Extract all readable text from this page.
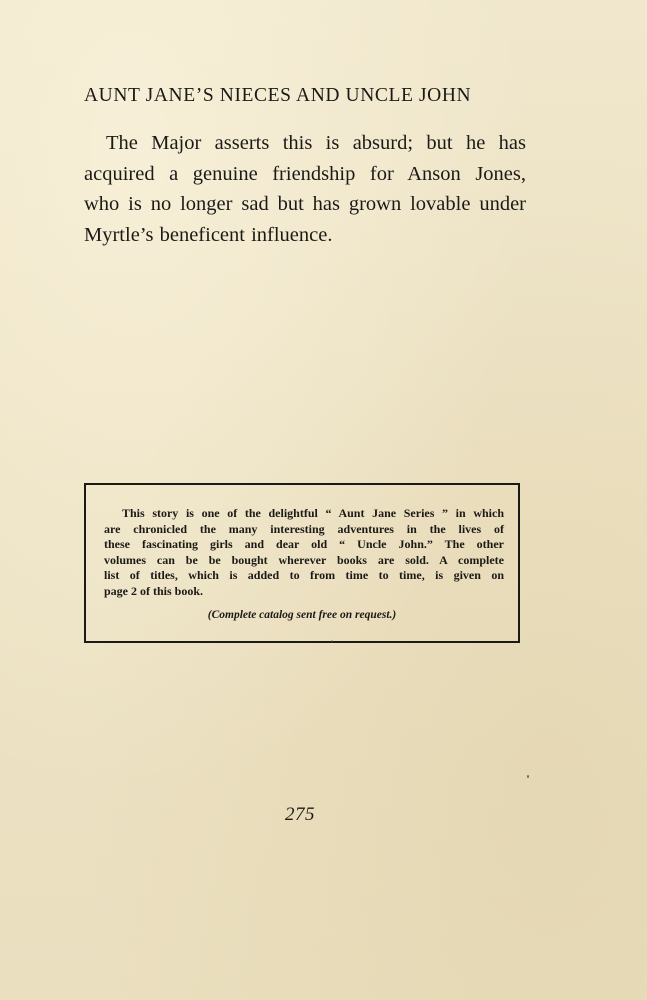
AUNT JANE’S NIECES AND UNCLE JOHN

The Major asserts this is absurd; but he has
acquired a genuine friendship for Anson Jones,
who is no longer sad but has grown lovable under
Myrtle’s beneficent influence.

This story is one of the delightful “ Aunt Jane Series ” in which
are chronicled the many interesting adventures in the lives of
these fascinating girls and dear old “ Uncle John.” The other
volumes can be be bought wherever books are sold. A complete
list of titles, which is added to from time to time, is given on
page 2 of this book.
(Complete catalog sent free on request.)
275
